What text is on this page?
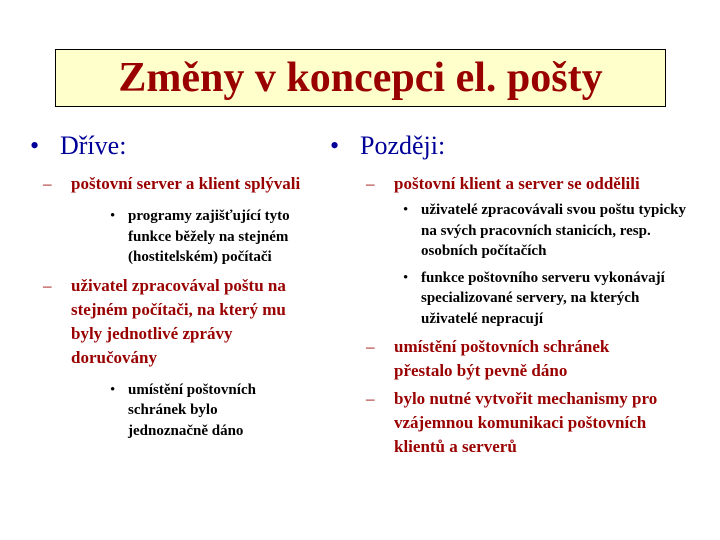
Změny v koncepci el. pošty
• Dříve:
–	poštovní server a klient splývali
• programy zajišťující tyto funkce běžely na stejném (hostitelském) počítači
–	uživatel zpracovával poštu na stejném počítači, na který mu byly jednotlivé zprávy doručovány
• umístění poštovních schránek bylo jednoznačně dáno
• Později:
–	poštovní klient a server se oddělili
• uživatelé zpracovávali svou poštu typicky na svých pracovních stanicích, resp. osobních počítačích
• funkce poštovního serveru vykonávají specializované servery, na kterých uživatelé nepracují
–	umístění poštovních schránek přestalo být pevně dáno
–	bylo nutné vytvořit mechanismy pro vzájemnou komunikaci poštovních klientů a serverů
